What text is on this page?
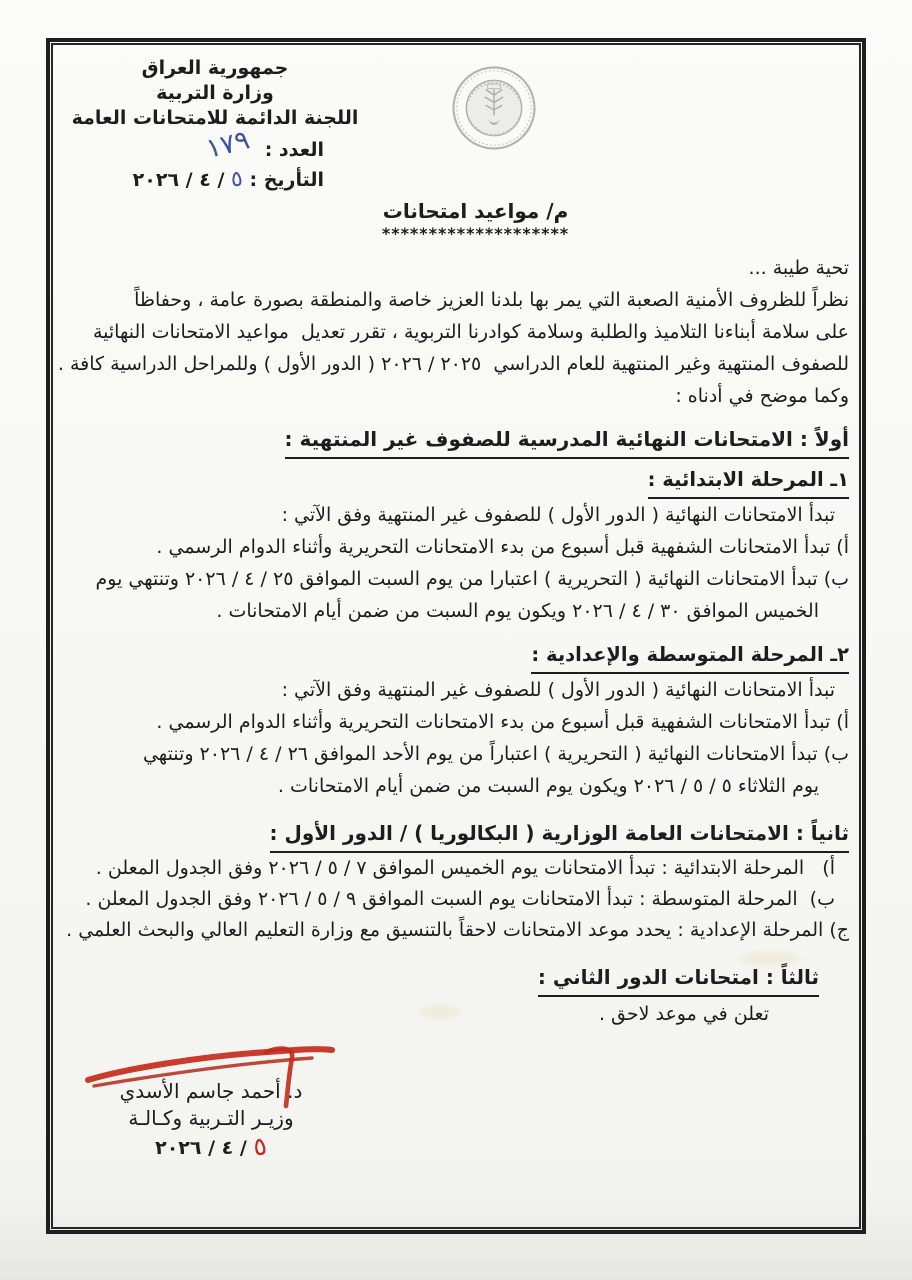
جمهورية العراق
وزارة التربية
اللجنة الدائمة للامتحانات العامة
العدد :١٧٩
التأريخ : ٥ / ٤ / ٢٠٢٦
م/ مواعيد امتحانات
********************
تحية طيبة ...
نظراً للظروف الأمنية الصعبة التي يمر بها بلدنا العزيز خاصة والمنطقة بصورة عامة ، وحفاظاً
على سلامة أبناءنا التلاميذ والطلبة وسلامة كوادرنا التربوية ، تقرر تعديل  مواعيد الامتحانات النهائية
للصفوف المنتهية وغير المنتهية للعام الدراسي  ٢٠٢٥ / ٢٠٢٦ ( الدور الأول ) وللمراحل الدراسية كافة .
وكما موضح في أدناه :
أولاً : الامتحانات النهائية المدرسية للصفوف غير المنتهية :
١ـ المرحلة الابتدائية :
تبدأ الامتحانات النهائية ( الدور الأول ) للصفوف غير المنتهية وفق الآتي :
أ) تبدأ الامتحانات الشفهية قبل أسبوع من بدء الامتحانات التحريرية وأثناء الدوام الرسمي .
ب) تبدأ الامتحانات النهائية ( التحريرية ) اعتبارا من يوم السبت الموافق ٢٥ / ٤ / ٢٠٢٦ وتنتهي يوم
الخميس الموافق ٣٠ / ٤ / ٢٠٢٦ ويكون يوم السبت من ضمن أيام الامتحانات .
٢ـ المرحلة المتوسطة والإعدادية :
تبدأ الامتحانات النهائية ( الدور الأول ) للصفوف غير المنتهية وفق الآتي :
أ) تبدأ الامتحانات الشفهية قبل أسبوع من بدء الامتحانات التحريرية وأثناء الدوام الرسمي .
ب) تبدأ الامتحانات النهائية ( التحريرية ) اعتباراً من يوم الأحد الموافق ٢٦ / ٤ / ٢٠٢٦ وتنتهي
يوم الثلاثاء ٥ / ٥ / ٢٠٢٦ ويكون يوم السبت من ضمن أيام الامتحانات .
ثانياً : الامتحانات العامة الوزارية ( البكالوريا ) / الدور الأول :
أ)   المرحلة الابتدائية : تبدأ الامتحانات يوم الخميس الموافق ٧ / ٥ / ٢٠٢٦ وفق الجدول المعلن .
ب)  المرحلة المتوسطة : تبدأ الامتحانات يوم السبت الموافق ٩ / ٥ / ٢٠٢٦ وفق الجدول المعلن .
ج) المرحلة الإعدادية : يحدد موعد الامتحانات لاحقاً بالتنسيق مع وزارة التعليم العالي والبحث العلمي .
ثالثاً : امتحانات الدور الثاني :
تعلن في موعد لاحق .
د. أحمد جاسم الأسدي
وزيـر التـربية وكـالـة
٥ / ٤ / ٢٠٢٦
